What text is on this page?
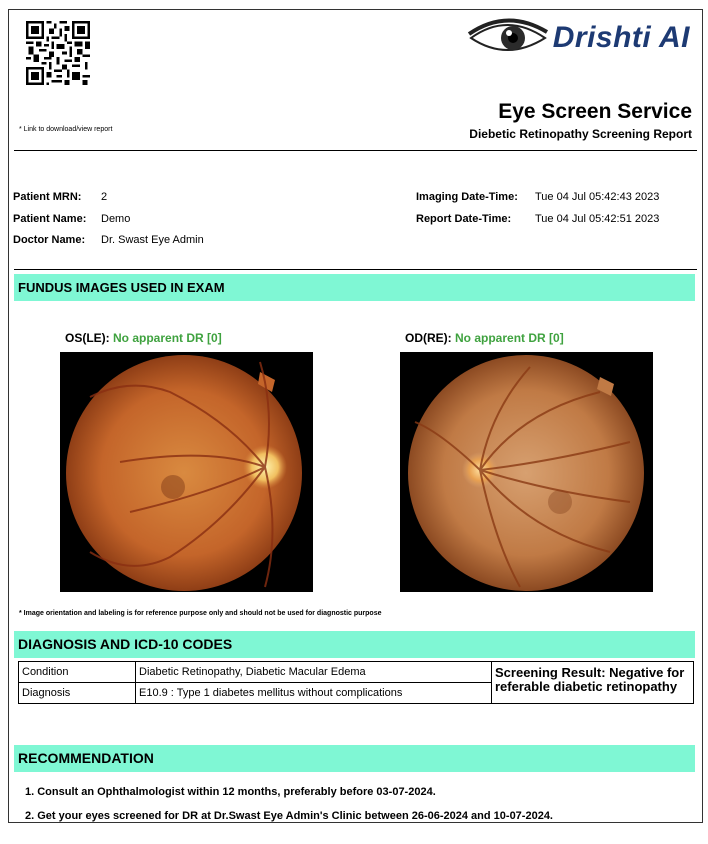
* Link to download/view report
Drishti AI
Eye Screen Service
Diebetic Retinopathy Screening Report
Patient MRN: 2
Patient Name: Demo
Doctor Name: Dr. Swast Eye Admin
Imaging Date-Time: Tue 04 Jul 05:42:43 2023
Report Date-Time: Tue 04 Jul 05:42:51 2023
FUNDUS IMAGES USED IN EXAM
OS(LE): No apparent DR [0]	OD(RE): No apparent DR [0]
* Image orientation and labeling is for reference purpose only and should not be used for diagnostic purpose
DIAGNOSIS AND ICD-10 CODES
Condition	Diabetic Retinopathy, Diabetic Macular Edema	Screening Result: Negative for referable diabetic retinopathy
Diagnosis	E10.9 : Type 1 diabetes mellitus without complications	
RECOMMENDATION
1. Consult an Ophthalmologist within 12 months, preferably before 03-07-2024.
2. Get your eyes screened for DR at Dr.Swast Eye Admin's Clinic between 26-06-2024 and 10-07-2024.
